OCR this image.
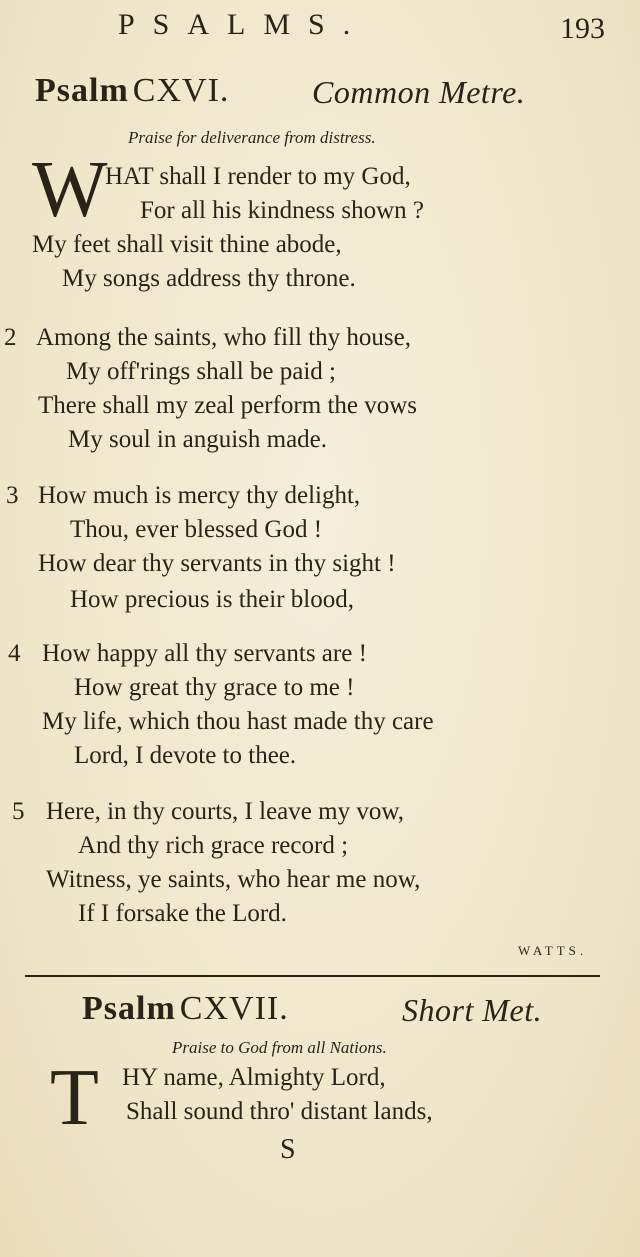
PSALMS.	193
Psalm CXVI.	Common Metre.
Praise for deliverance from distress.
W
HAT shall I render to my God,
For all his kindness shown ?
My feet shall visit thine abode,
My songs address thy throne.
2 Among the saints, who fill thy house,
My off'rings shall be paid ;
There shall my zeal perform the vows
My soul in anguish made.
3 How much is mercy thy delight,
Thou, ever blessed God !
How dear thy servants in thy sight !
How precious is their blood,
4 How happy all thy servants are !
How great thy grace to me !
My life, which thou hast made thy care
Lord, I devote to thee.
5 Here, in thy courts, I leave my vow,
And thy rich grace record ;
Witness, ye saints, who hear me now,
If I forsake the Lord.
WATTS.
Psalm CXVII.	Short Met.
Praise to God from all Nations.
T HY name, Almighty Lord,
Shall sound thro' distant lands,
S
